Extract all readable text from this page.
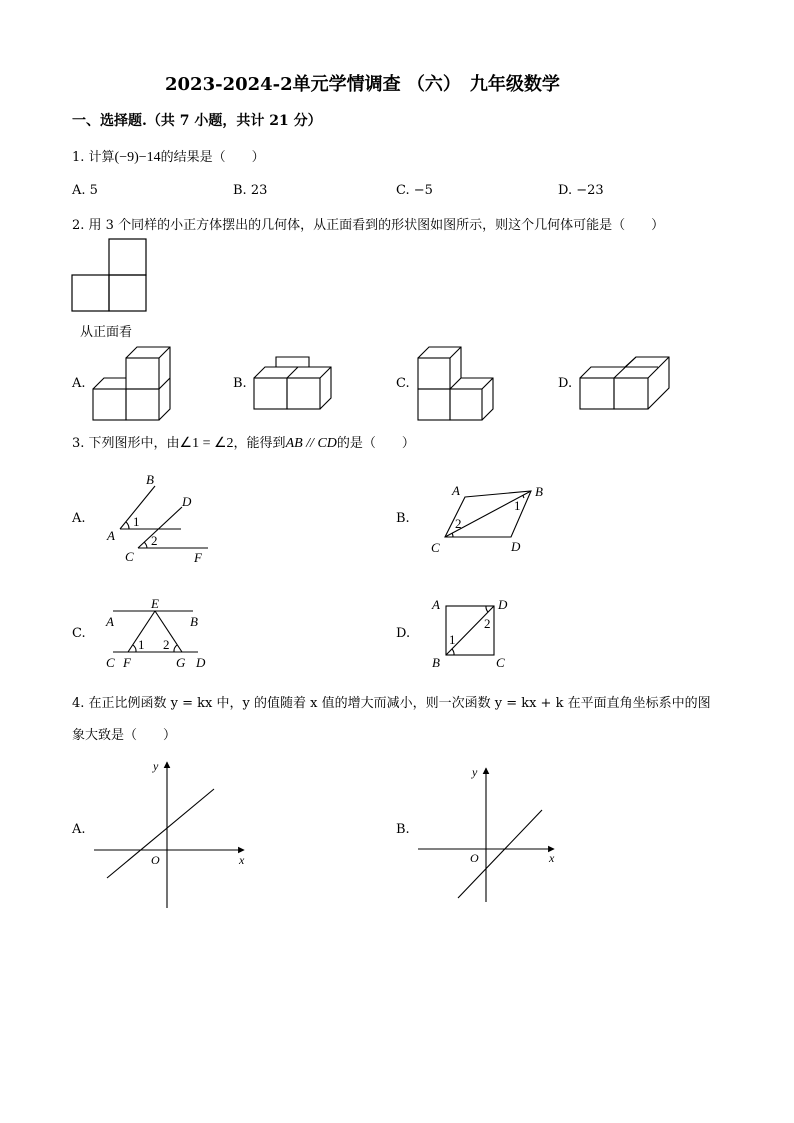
2023-2024-2单元学情调查 （六）　九年级数学
一、选择题.（共 7 小题，共计 21 分）
1. 计算(−9)−14的结果是（　　）
A. 5	B. 23	C. −5	D. −23
2. 用 3 个同样的小正方体摆出的几何体，从正面看到的形状图如图所示，则这个几何体可能是（　　）
从正面看
A.	B.	C.	D.
3. 下列图形中，由∠1 = ∠2，能得到AB // CD的是（　　）
A.	B.
C.	D.
B
D
1
A	2
C	F
A	B
1
2
C	D
E
A	B
1 2
C F	G D
A	D
2
1
B	C
4. 在正比例函数 y = kx 中，y 的值随着 x 值的增大而减小，则一次函数 y = kx + k 在平面直角坐标系中的图
象大致是（　　）
A.	B.
y
x
O
y
x
O
